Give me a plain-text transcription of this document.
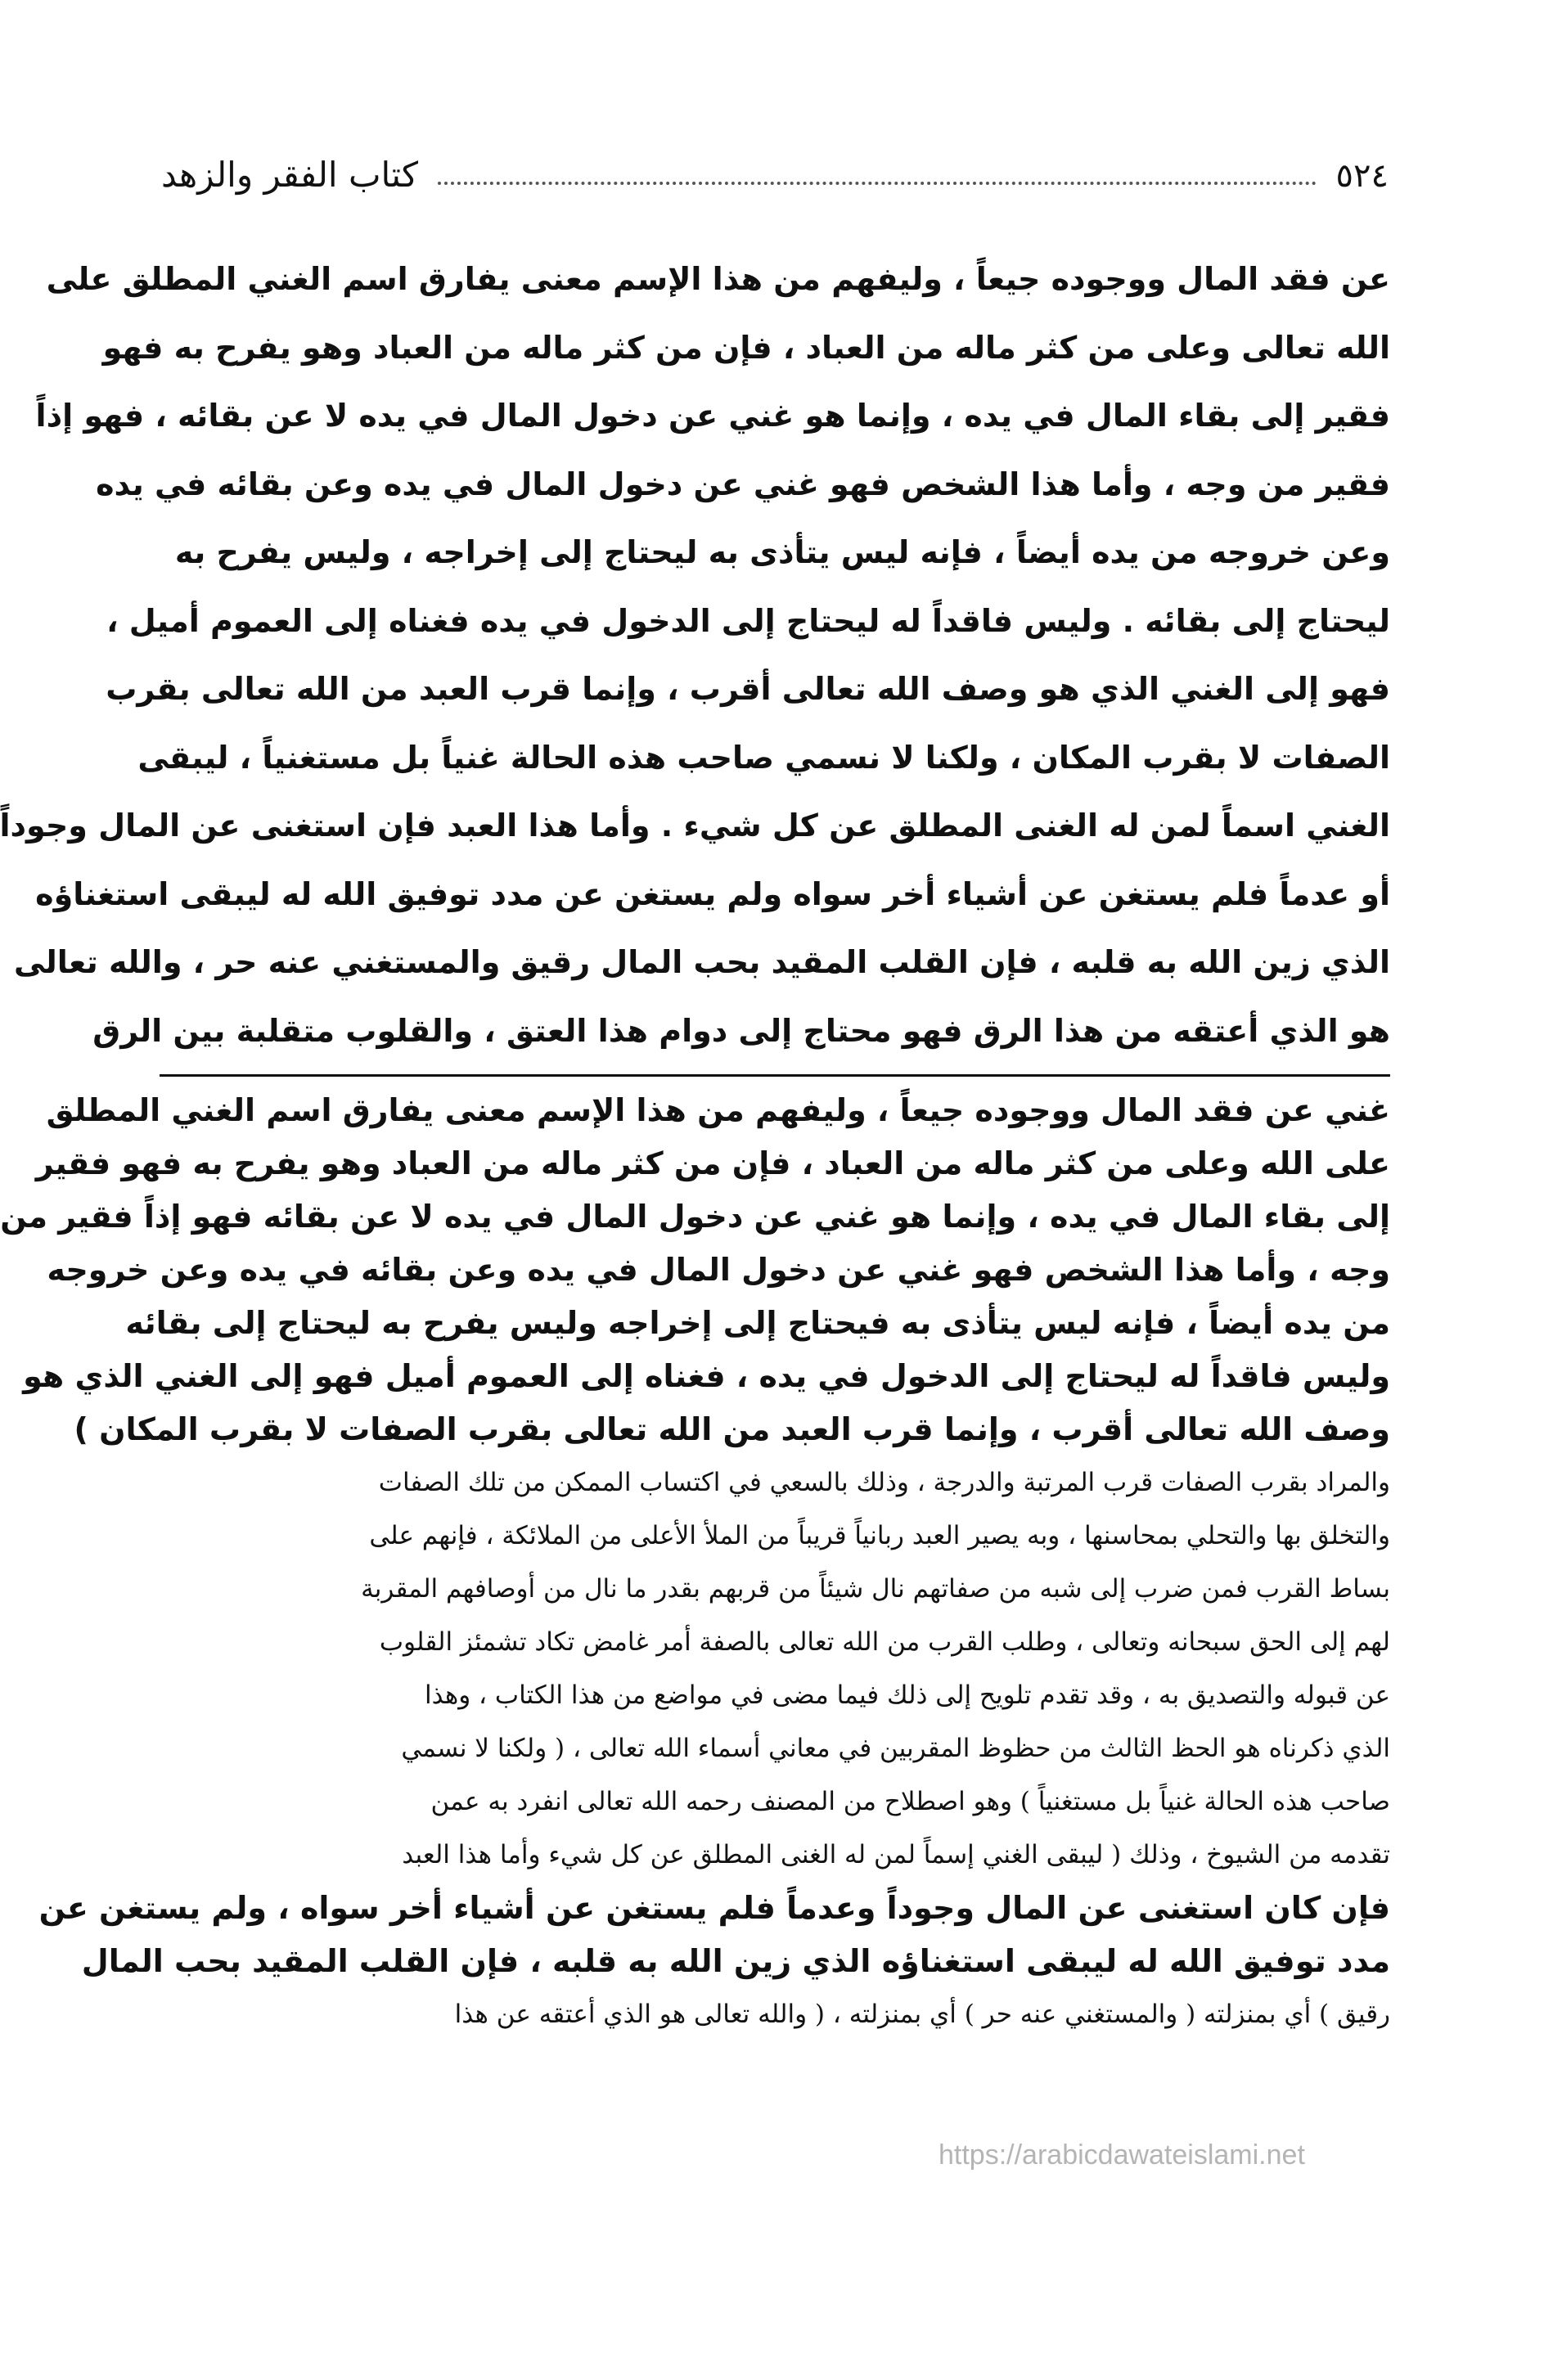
٥٢٤
كتاب الفقر والزهد
عن فقد المال ووجوده جيعاً ، وليفهم من هذا الإسم معنى يفارق اسم الغني المطلق على
الله تعالى وعلى من كثر ماله من العباد ، فإن من كثر ماله من العباد وهو يفرح به فهو
فقير إلى بقاء المال في يده ، وإنما هو غني عن دخول المال في يده لا عن بقائه ، فهو إذاً
فقير من وجه ، وأما هذا الشخص فهو غني عن دخول المال في يده وعن بقائه في يده
وعن خروجه من يده أيضاً ، فإنه ليس يتأذى به ليحتاج إلى إخراجه ، وليس يفرح به
ليحتاج إلى بقائه . وليس فاقداً له ليحتاج إلى الدخول في يده فغناه إلى العموم أميل ،
فهو إلى الغني الذي هو وصف الله تعالى أقرب ، وإنما قرب العبد من الله تعالى بقرب
الصفات لا بقرب المكان ، ولكنا لا نسمي صاحب هذه الحالة غنياً بل مستغنياً ، ليبقى
الغني اسماً لمن له الغنى المطلق عن كل شيء . وأما هذا العبد فإن استغنى عن المال وجوداً
أو عدماً فلم يستغن عن أشياء أخر سواه ولم يستغن عن مدد توفيق الله له ليبقى استغناؤه
الذي زين الله به قلبه ، فإن القلب المقيد بحب المال رقيق والمستغني عنه حر ، والله تعالى
هو الذي أعتقه من هذا الرق فهو محتاج إلى دوام هذا العتق ، والقلوب متقلبة بين الرق
غني عن فقد المال ووجوده جيعاً ، وليفهم من هذا الإسم معنى يفارق اسم الغني المطلق
على الله وعلى من كثر ماله من العباد ، فإن من كثر ماله من العباد وهو يفرح به فهو فقير
إلى بقاء المال في يده ، وإنما هو غني عن دخول المال في يده لا عن بقائه فهو إذاً فقير من
وجه ، وأما هذا الشخص فهو غني عن دخول المال في يده وعن بقائه في يده وعن خروجه
من يده أيضاً ، فإنه ليس يتأذى به فيحتاج إلى إخراجه وليس يفرح به ليحتاج إلى بقائه
وليس فاقداً له ليحتاج إلى الدخول في يده ، فغناه إلى العموم أميل فهو إلى الغني الذي هو
وصف الله تعالى أقرب ، وإنما قرب العبد من الله تعالى بقرب الصفات لا بقرب المكان )
والمراد بقرب الصفات قرب المرتبة والدرجة ، وذلك بالسعي في اكتساب الممكن من تلك الصفات
والتخلق بها والتحلي بمحاسنها ، وبه يصير العبد ربانياً قريباً من الملأ الأعلى من الملائكة ، فإنهم على
بساط القرب فمن ضرب إلى شبه من صفاتهم نال شيئاً من قربهم بقدر ما نال من أوصافهم المقربة
لهم إلى الحق سبحانه وتعالى ، وطلب القرب من الله تعالى بالصفة أمر غامض تكاد تشمئز القلوب
عن قبوله والتصديق به ، وقد تقدم تلويح إلى ذلك فيما مضى في مواضع من هذا الكتاب ، وهذا
الذي ذكرناه هو الحظ الثالث من حظوظ المقربين في معاني أسماء الله تعالى ، ( ولكنا لا نسمي
صاحب هذه الحالة غنياً بل مستغنياً ) وهو اصطلاح من المصنف رحمه الله تعالى انفرد به عمن
تقدمه من الشيوخ ، وذلك ( ليبقى الغني إسماً لمن له الغنى المطلق عن كل شيء وأما هذا العبد
فإن كان استغنى عن المال وجوداً وعدماً فلم يستغن عن أشياء أخر سواه ، ولم يستغن عن
مدد توفيق الله له ليبقى استغناؤه الذي زين الله به قلبه ، فإن القلب المقيد بحب المال
رقيق ) أي بمنزلته ( والمستغني عنه حر ) أي بمنزلته ، ( والله تعالى هو الذي أعتقه عن هذا
https://arabicdawateislami.net
